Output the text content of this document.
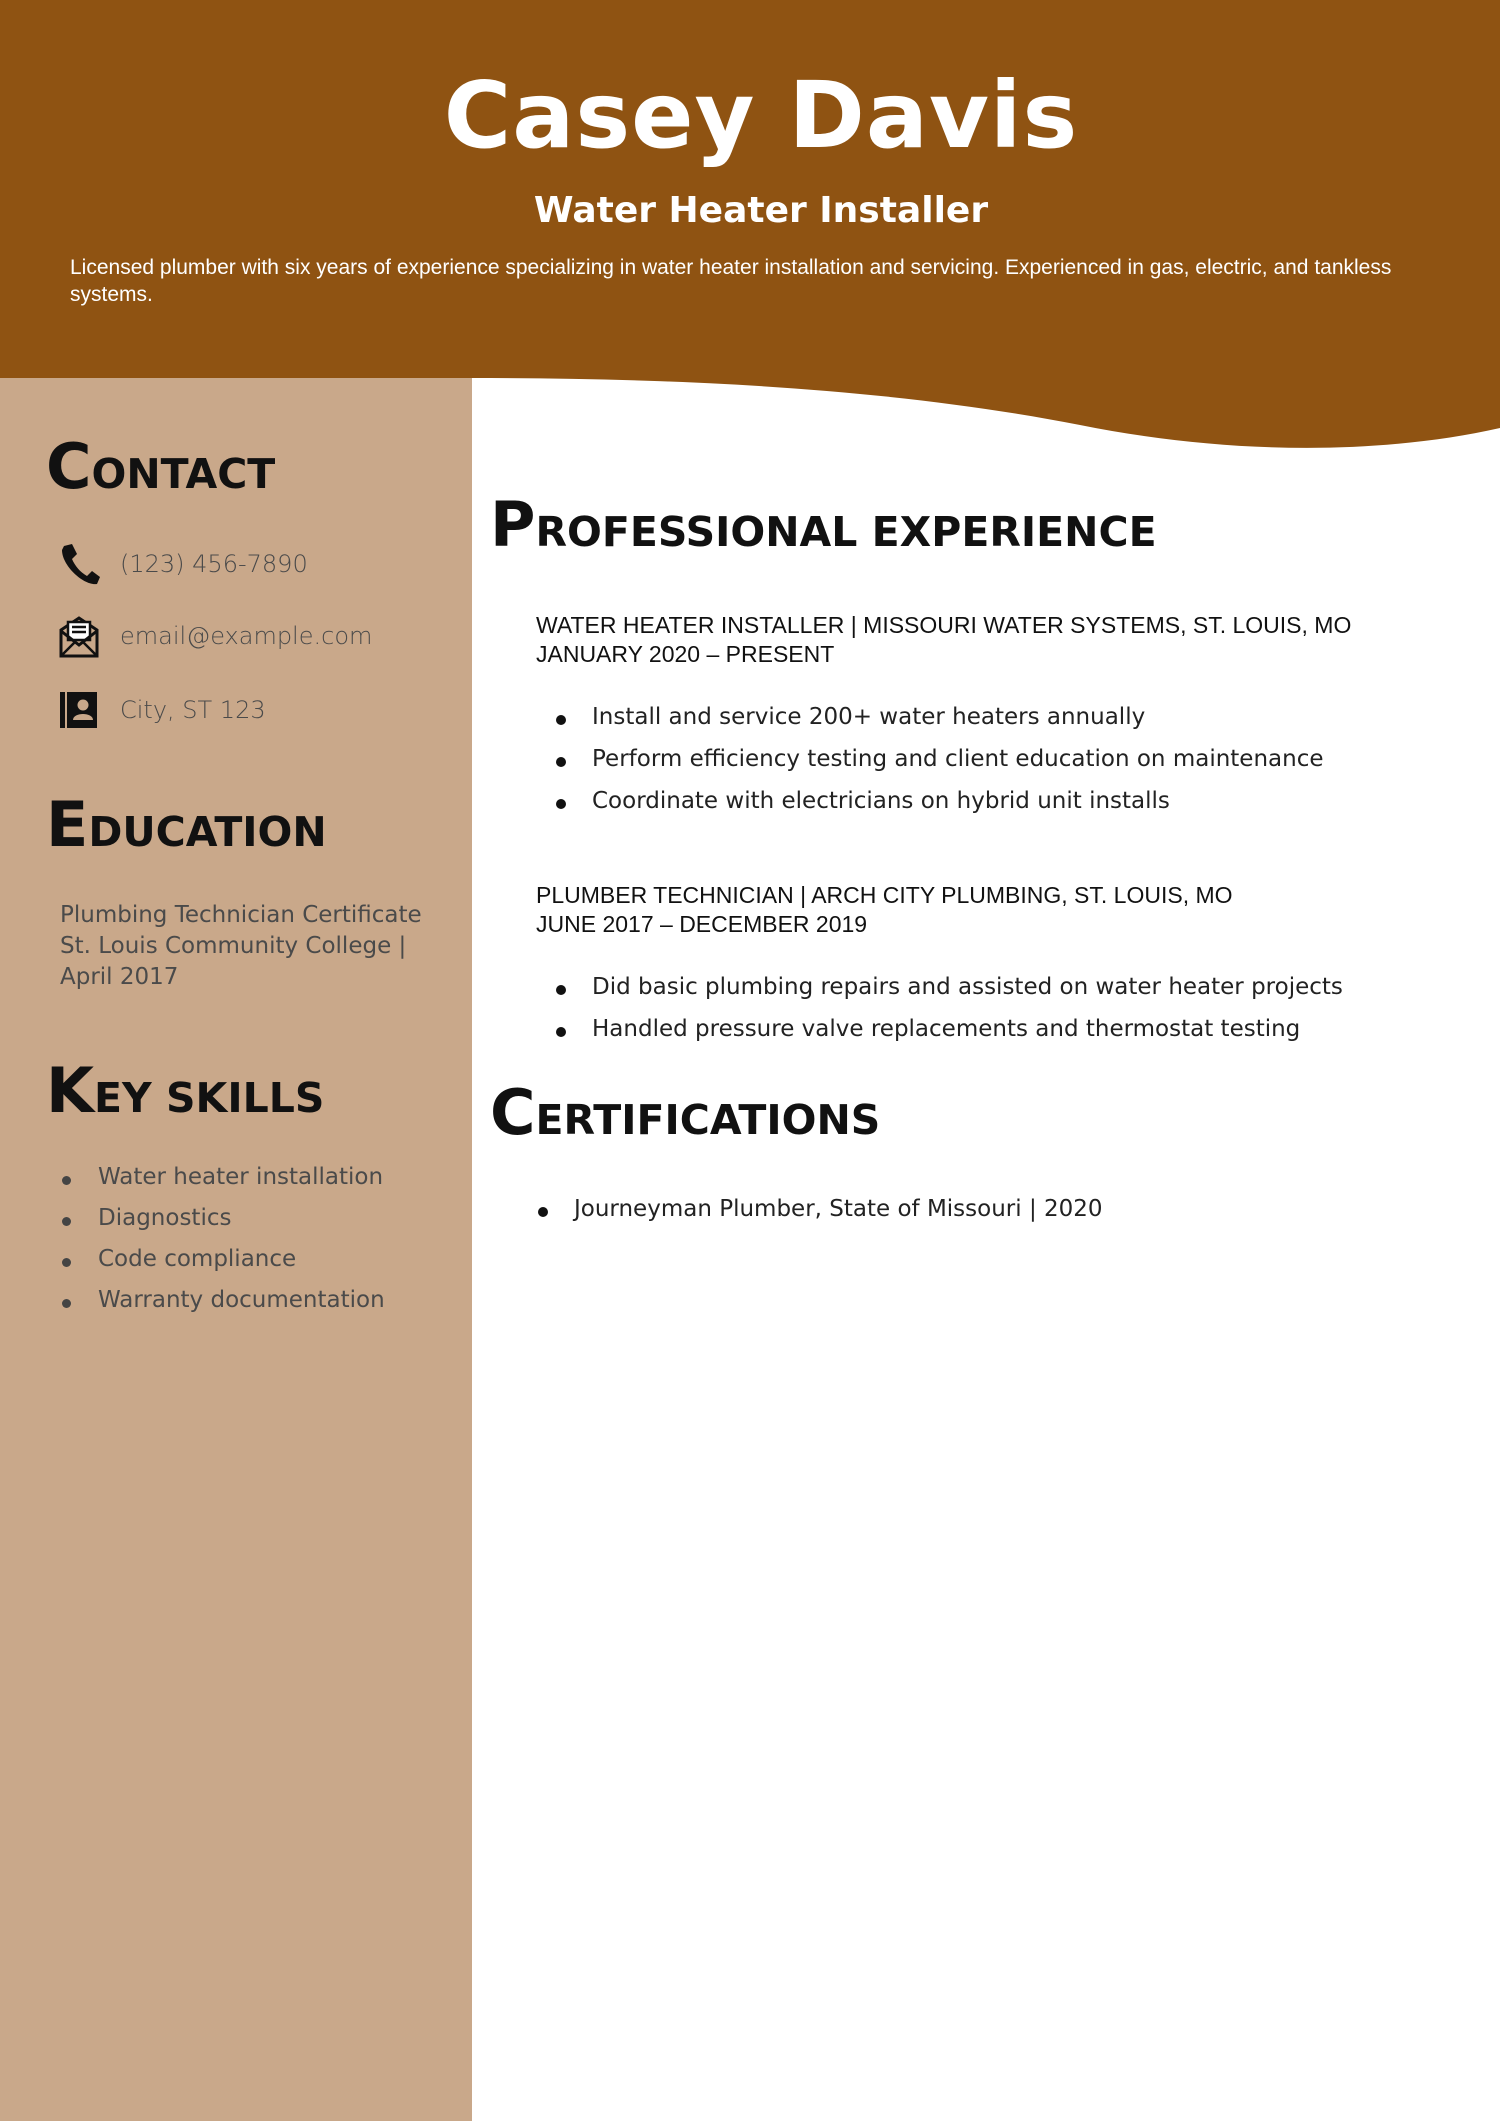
Casey Davis
Water Heater Installer
Licensed plumber with six years of experience specializing in water heater installation and servicing. Experienced in gas, electric, and tankless systems.
CONTACT
(123) 456-7890
email@example.com
City, ST 123
EDUCATION
Plumbing Technician Certificate
St. Louis Community College |
April 2017
KEY SKILLS
Water heater installation
Diagnostics
Code compliance
Warranty documentation
PROFESSIONAL EXPERIENCE
WATER HEATER INSTALLER | MISSOURI WATER SYSTEMS, ST. LOUIS, MO
JANUARY 2020 – PRESENT
Install and service 200+ water heaters annually
Perform efficiency testing and client education on maintenance
Coordinate with electricians on hybrid unit installs
PLUMBER TECHNICIAN | ARCH CITY PLUMBING, ST. LOUIS, MO
JUNE 2017 – DECEMBER 2019
Did basic plumbing repairs and assisted on water heater projects
Handled pressure valve replacements and thermostat testing
CERTIFICATIONS
Journeyman Plumber, State of Missouri | 2020
